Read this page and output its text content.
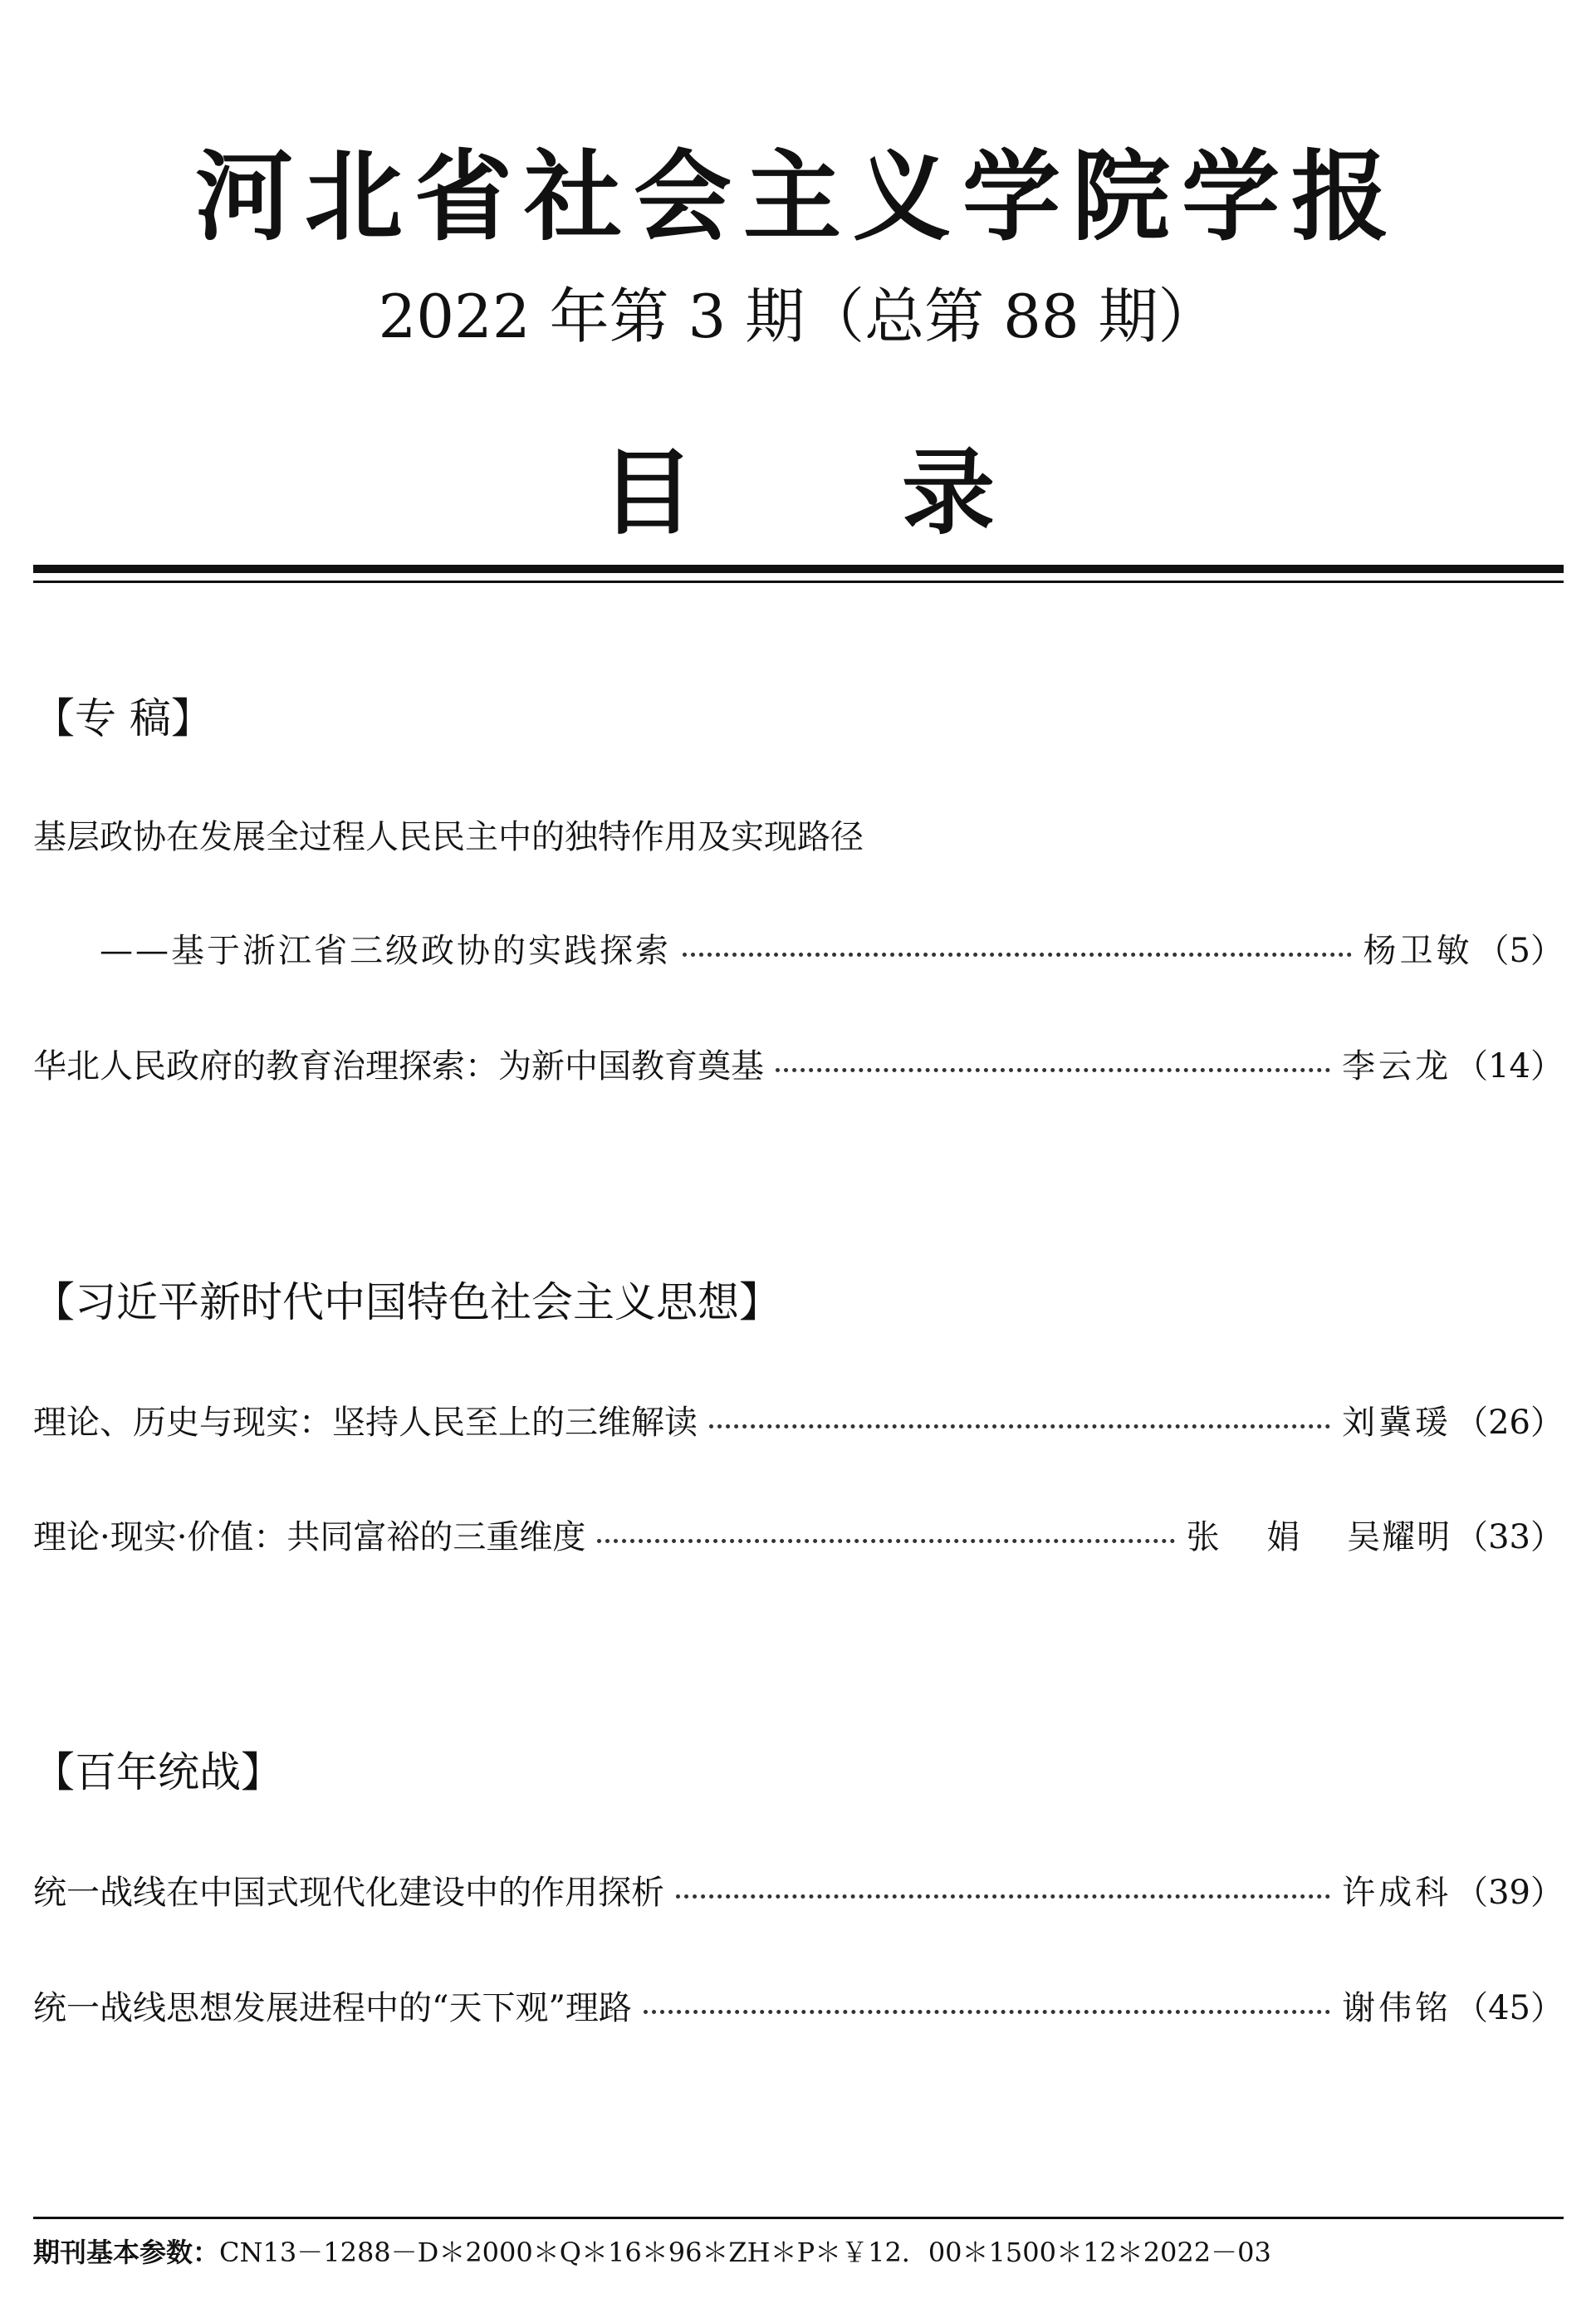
河北省社会主义学院学报
2022 年第 3 期（总第 88 期）
目录
【专 稿】
基层政协在发展全过程人民民主中的独特作用及实现路径
——基于浙江省三级政协的实践探索	杨卫敏 （5）
华北人民政府的教育治理探索：为新中国教育奠基	李云龙 （14）
【习近平新时代中国特色社会主义思想】
理论、历史与现实：坚持人民至上的三维解读	刘冀瑗 （26）
理论·现实·价值：共同富裕的三重维度	张 娟 吴耀明 （33）
【百年统战】
统一战线在中国式现代化建设中的作用探析	许成科 （39）
统一战线思想发展进程中的“天下观”理路	谢伟铭 （45）
期刊基本参数：CN13－1288－D＊2000＊Q＊16＊96＊ZH＊P＊￥12．00＊1500＊12＊2022－03
